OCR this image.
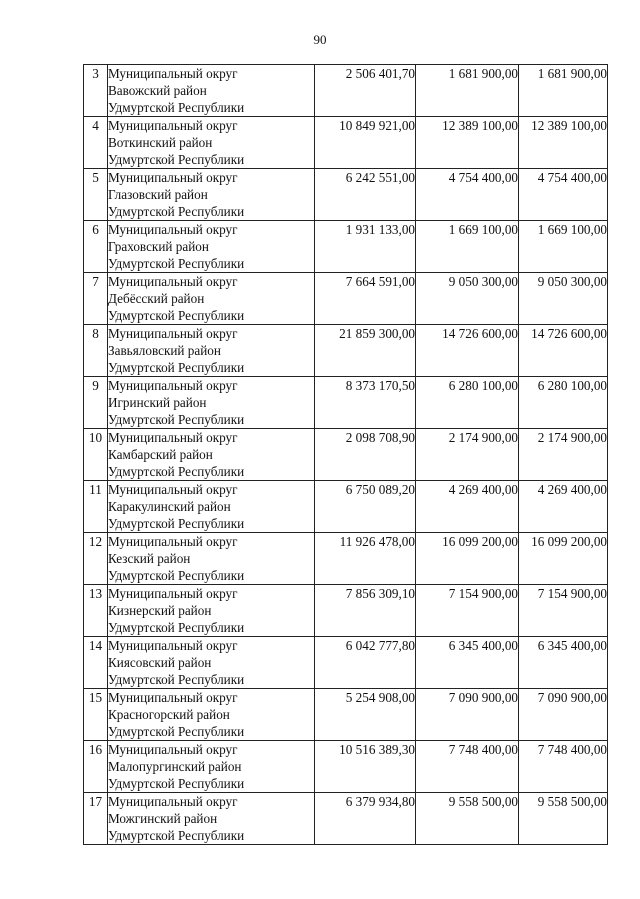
90
3	Муниципальный округ
Вавожский район
Удмуртской Республики	2 506 401,70	1 681 900,00	1 681 900,00
4	Муниципальный округ
Воткинский район
Удмуртской Республики	10 849 921,00	12 389 100,00	12 389 100,00
5	Муниципальный округ
Глазовский район
Удмуртской Республики	6 242 551,00	4 754 400,00	4 754 400,00
6	Муниципальный округ
Граховский район
Удмуртской Республики	1 931 133,00	1 669 100,00	1 669 100,00
7	Муниципальный округ
Дебёсский район
Удмуртской Республики	7 664 591,00	9 050 300,00	9 050 300,00
8	Муниципальный округ
Завьяловский район
Удмуртской Республики	21 859 300,00	14 726 600,00	14 726 600,00
9	Муниципальный округ
Игринский район
Удмуртской Республики	8 373 170,50	6 280 100,00	6 280 100,00
10	Муниципальный округ
Камбарский район
Удмуртской Республики	2 098 708,90	2 174 900,00	2 174 900,00
11	Муниципальный округ
Каракулинский район
Удмуртской Республики	6 750 089,20	4 269 400,00	4 269 400,00
12	Муниципальный округ
Кезский район
Удмуртской Республики	11 926 478,00	16 099 200,00	16 099 200,00
13	Муниципальный округ
Кизнерский район
Удмуртской Республики	7 856 309,10	7 154 900,00	7 154 900,00
14	Муниципальный округ
Киясовский район
Удмуртской Республики	6 042 777,80	6 345 400,00	6 345 400,00
15	Муниципальный округ
Красногорский район
Удмуртской Республики	5 254 908,00	7 090 900,00	7 090 900,00
16	Муниципальный округ
Малопургинский район
Удмуртской Республики	10 516 389,30	7 748 400,00	7 748 400,00
17	Муниципальный округ
Можгинский район
Удмуртской Республики	6 379 934,80	9 558 500,00	9 558 500,00
